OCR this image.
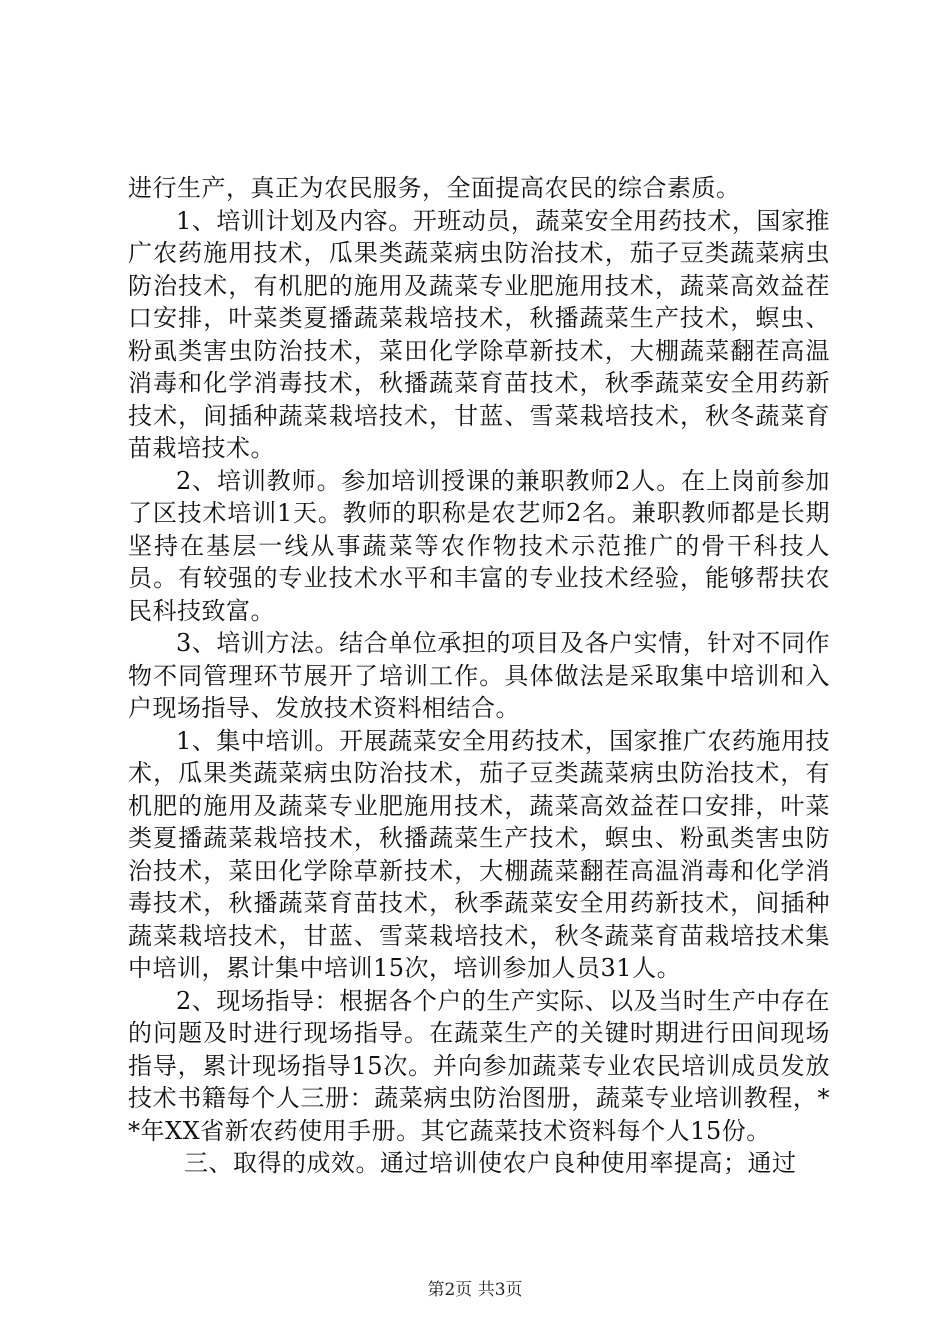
进行生产，真正为农民服务，全面提高农民的综合素质。

1、培训计划及内容。开班动员，蔬菜安全用药技术，国家推广农药施用技术，瓜果类蔬菜病虫防治技术，茄子豆类蔬菜病虫防治技术，有机肥的施用及蔬菜专业肥施用技术，蔬菜高效益茬口安排，叶菜类夏播蔬菜栽培技术，秋播蔬菜生产技术，螟虫、粉虱类害虫防治技术，菜田化学除草新技术，大棚蔬菜翻茬高温消毒和化学消毒技术，秋播蔬菜育苗技术，秋季蔬菜安全用药新技术，间插种蔬菜栽培技术，甘蓝、雪菜栽培技术，秋冬蔬菜育苗栽培技术。

2、培训教师。参加培训授课的兼职教师2人。在上岗前参加了区技术培训1天。教师的职称是农艺师2名。兼职教师都是长期坚持在基层一线从事蔬菜等农作物技术示范推广的骨干科技人员。有较强的专业技术水平和丰富的专业技术经验，能够帮扶农民科技致富。

3、培训方法。结合单位承担的项目及各户实情，针对不同作物不同管理环节展开了培训工作。具体做法是采取集中培训和入户现场指导、发放技术资料相结合。

1、集中培训。开展蔬菜安全用药技术，国家推广农药施用技术，瓜果类蔬菜病虫防治技术，茄子豆类蔬菜病虫防治技术，有机肥的施用及蔬菜专业肥施用技术，蔬菜高效益茬口安排，叶菜类夏播蔬菜栽培技术，秋播蔬菜生产技术，螟虫、粉虱类害虫防治技术，菜田化学除草新技术，大棚蔬菜翻茬高温消毒和化学消毒技术，秋播蔬菜育苗技术，秋季蔬菜安全用药新技术，间插种蔬菜栽培技术，甘蓝、雪菜栽培技术，秋冬蔬菜育苗栽培技术集中培训，累计集中培训15次，培训参加人员31人。

2、现场指导：根据各个户的生产实际、以及当时生产中存在的问题及时进行现场指导。在蔬菜生产的关键时期进行田间现场指导，累计现场指导15次。并向参加蔬菜专业农民培训成员发放技术书籍每个人三册：蔬菜病虫防治图册，蔬菜专业培训教程，**年XX省新农药使用手册。其它蔬菜技术资料每个人15份。

三、取得的成效。通过培训使农户良种使用率提高；通过

第2页 共3页
